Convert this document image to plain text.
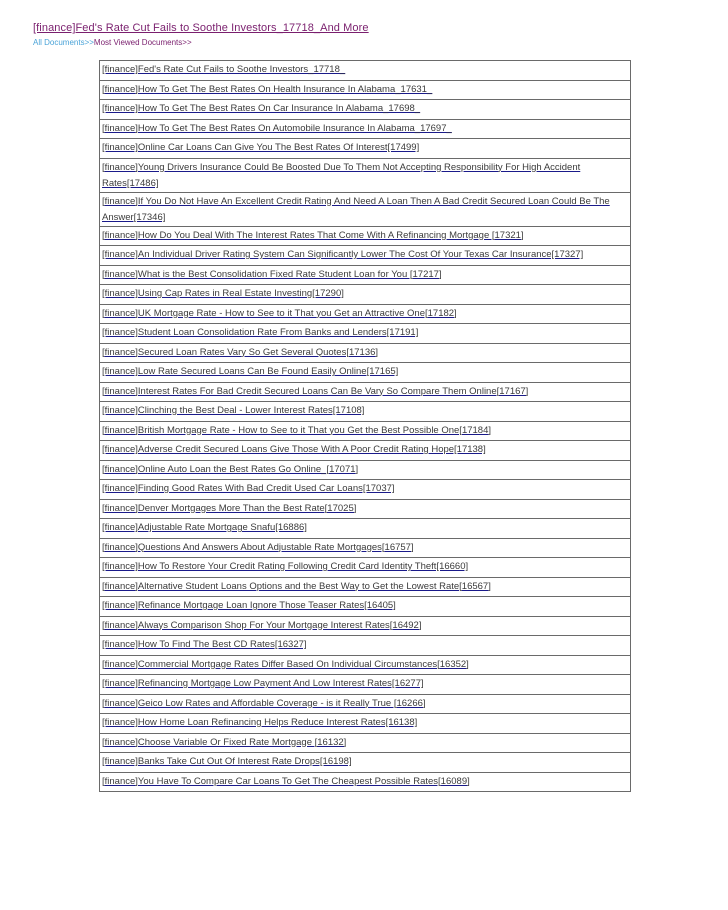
[finance]Fed's Rate Cut Fails to Soothe Investors_17718_And More
All Documents>>Most Viewed Documents>>
[finance]Fed's Rate Cut Fails to Soothe Investors_17718_
[finance]How To Get The Best Rates On Health Insurance In Alabama_17631_
[finance]How To Get The Best Rates On Car Insurance In Alabama_17698_
[finance]How To Get The Best Rates On Automobile Insurance In Alabama_17697_
[finance]Online Car Loans Can Give You The Best Rates Of Interest[17499]
[finance]Young Drivers Insurance Could Be Boosted Due To Them Not Accepting Responsibility For High Accident Rates[17486]
[finance]If You Do Not Have An Excellent Credit Rating And Need A Loan Then A Bad Credit Secured Loan Could Be The Answer[17346]
[finance]How Do You Deal With The Interest Rates That Come With A Refinancing Mortgage [17321]
[finance]An Individual Driver Rating System Can Significantly Lower The Cost Of Your Texas Car Insurance[17327]
[finance]What is the Best Consolidation Fixed Rate Student Loan for You [17217]
[finance]Using Cap Rates in Real Estate Investing[17290]
[finance]UK Mortgage Rate - How to See to it That you Get an Attractive One[17182]
[finance]Student Loan Consolidation Rate From Banks and Lenders[17191]
[finance]Secured Loan Rates Vary So Get Several Quotes[17136]
[finance]Low Rate Secured Loans Can Be Found Easily Online[17165]
[finance]Interest Rates For Bad Credit Secured Loans Can Be Vary So Compare Them Online[17167]
[finance]Clinching the Best Deal - Lower Interest Rates[17108]
[finance]British Mortgage Rate - How to See to it That you Get the Best Possible One[17184]
[finance]Adverse Credit Secured Loans Give Those With A Poor Credit Rating Hope[17138]
[finance]Online Auto Loan the Best Rates Go Online_[17071]
[finance]Finding Good Rates With Bad Credit Used Car Loans[17037]
[finance]Denver Mortgages More Than the Best Rate[17025]
[finance]Adjustable Rate Mortgage Snafu[16886]
[finance]Questions And Answers About Adjustable Rate Mortgages[16757]
[finance]How To Restore Your Credit Rating Following Credit Card Identity Theft[16660]
[finance]Alternative Student Loans Options and the Best Way to Get the Lowest Rate[16567]
[finance]Refinance Mortgage Loan Ignore Those Teaser Rates[16405]
[finance]Always Comparison Shop For Your Mortgage Interest Rates[16492]
[finance]How To Find The Best CD Rates[16327]
[finance]Commercial Mortgage Rates Differ Based On Individual Circumstances[16352]
[finance]Refinancing Mortgage Low Payment And Low Interest Rates[16277]
[finance]Geico Low Rates and Affordable Coverage - is it Really True [16266]
[finance]How Home Loan Refinancing Helps Reduce Interest Rates[16138]
[finance]Choose Variable Or Fixed Rate Mortgage [16132]
[finance]Banks Take Cut Out Of Interest Rate Drops[16198]
[finance]You Have To Compare Car Loans To Get The Cheapest Possible Rates[16089]
